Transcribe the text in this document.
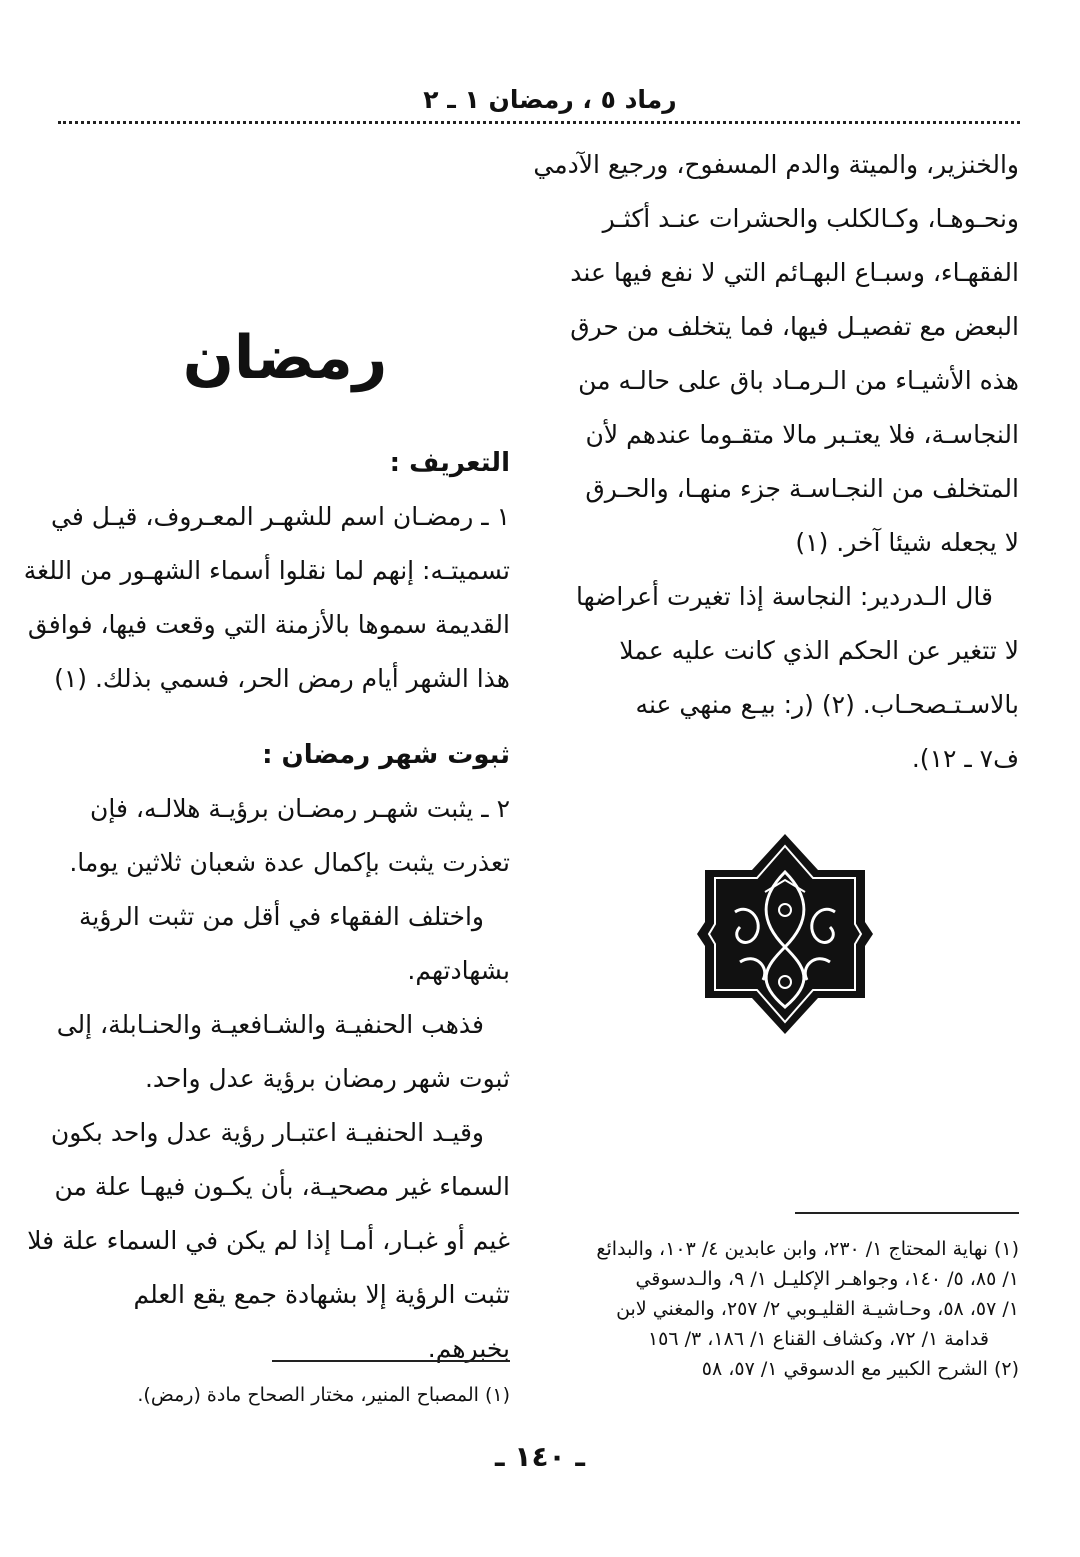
رماد ٥ ، رمضان ١ ـ ٢
والخنزير، والميتة والدم المسفوح، ورجيع الآدمي
ونحـوهـا، وكـالكلب والحشرات عنـد أكثـر
الفقهـاء، وسبـاع البهـائم التي لا نفع فيها عند
البعض مع تفصيـل فيها، فما يتخلف من حرق
هذه الأشيـاء من الـرمـاد باق على حالـه من
النجاسـة، فلا يعتـبر مالا متقـوما عندهم لأن
المتخلف من النجـاسـة جزء منهـا، والحـرق
لا يجعله شيئا آخر. (١)
قال الـدردير: النجاسة إذا تغيرت أعراضها
لا تتغير عن الحكم الذي كانت عليه عملا
بالاسـتـصحـاب. (٢) (ر: بيـع منهي عنه
ف٧ ـ ١٢).
رمضان
التعريف :
١ ـ رمضـان اسم للشهـر المعـروف، قيـل في
تسميتـه: إنهم لما نقلوا أسماء الشهـور من اللغة
القديمة سموها بالأزمنة التي وقعت فيها، فوافق
هذا الشهر أيام رمض الحر، فسمي بذلك. (١)
ثبوت شهر رمضان :
٢ ـ يثبت شهـر رمضـان برؤيـة هلالـه، فإن
تعذرت يثبت بإكمال عدة شعبان ثلاثين يوما.
واختلف الفقهاء في أقل من تثبت الرؤية
بشهادتهم.
فذهب الحنفيـة والشـافعيـة والحنـابلة، إلى
ثبوت شهر رمضان برؤية عدل واحد.
وقيـد الحنفيـة اعتبـار رؤية عدل واحد بكون
السماء غير مصحيـة، بأن يكـون فيهـا علة من
غيم أو غبـار، أمـا إذا لم يكن في السماء علة فلا
تثبت الرؤية إلا بشهادة جمع يقع العلم
بخبرهم.
(١) نهاية المحتاج ١/ ٢٣٠، وابن عابدين ٤/ ١٠٣، والبدائع
١/ ٨٥، ٥/ ١٤٠، وجواهـر الإكليـل ١/ ٩، والـدسوقي
١/ ٥٧، ٥٨، وحـاشيـة القليـوبي ٢/ ٢٥٧، والمغني لابن
قدامة ١/ ٧٢، وكشاف القناع ١/ ١٨٦، ٣/ ١٥٦
(٢) الشرح الكبير مع الدسوقي ١/ ٥٧، ٥٨
(١) المصباح المنير، مختار الصحاح مادة (رمض).
ـ ١٤٠ ـ
